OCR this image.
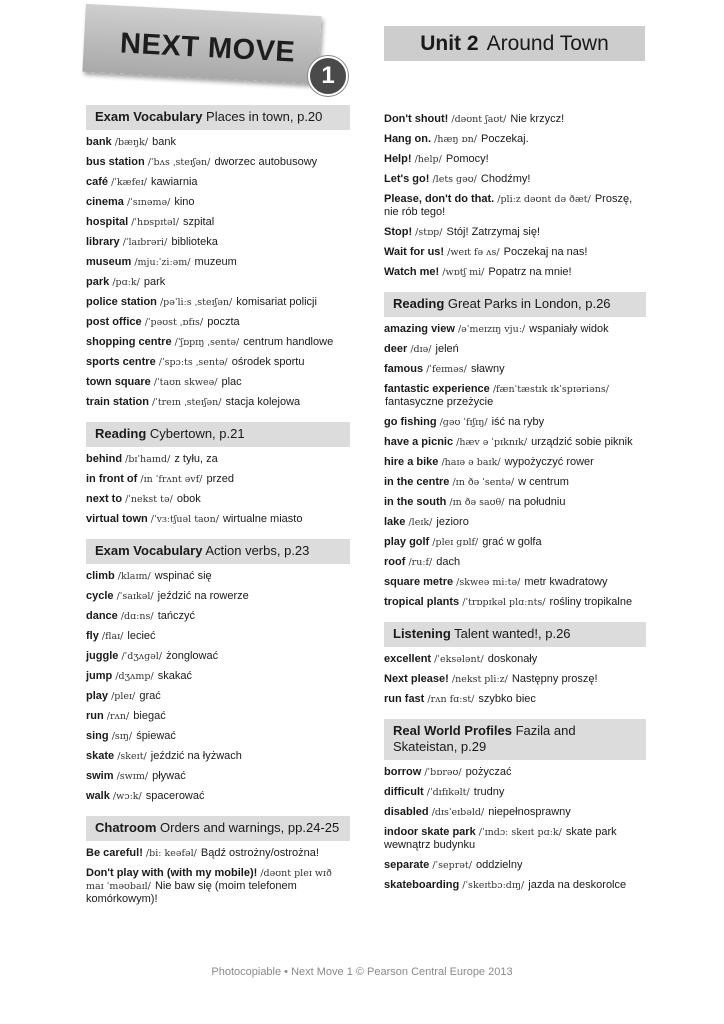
NEXT MOVE
1
Unit 2 Around Town
Exam Vocabulary Places in town, p.20
bank /bæŋk/ bank
bus station /ˈbʌs ˌsteɪʃən/ dworzec autobusowy
café /ˈkæfeɪ/ kawiarnia
cinema /ˈsɪnəmə/ kino
hospital /ˈhɒspɪtəl/ szpital
library /ˈlaɪbrəri/ biblioteka
museum /mjuːˈziːəm/ muzeum
park /pɑːk/ park
police station /pəˈliːs ˌsteɪʃən/ komisariat policji
post office /ˈpəʊst ˌɒfɪs/ poczta
shopping centre /ˈʃɒpɪŋ ˌsentə/ centrum handlowe
sports centre /ˈspɔːts ˌsentə/ ośrodek sportu
town square /ˈtaʊn skweə/ plac
train station /ˈtreɪn ˌsteɪʃən/ stacja kolejowa
Reading Cybertown, p.21
behind /bɪˈhaɪnd/ z tyłu, za
in front of /ɪn ˈfrʌnt əvf/ przed
next to /ˈnekst tə/ obok
virtual town /ˈvɜːtʃuəl taʊn/ wirtualne miasto
Exam Vocabulary Action verbs, p.23
climb /klaɪm/ wspinać się
cycle /ˈsaɪkəl/ jeździć na rowerze
dance /dɑːns/ tańczyć
fly /flaɪ/ lecieć
juggle /ˈdʒʌɡəl/ żonglować
jump /dʒʌmp/ skakać
play /pleɪ/ grać
run /rʌn/ biegać
sing /sɪŋ/ śpiewać
skate /skeɪt/ jeździć na łyżwach
swim /swɪm/ pływać
walk /wɔːk/ spacerować
Chatroom Orders and warnings, pp.24-25
Be careful! /biː keəfəl/ Bądź ostrożny/ostrożna!
Don't play with (with my mobile)! /dəʊnt pleɪ wɪð maɪ ˈməʊbaɪl/ Nie baw się (moim telefonem komórkowym)!
Don't shout! /dəʊnt ʃaʊt/ Nie krzycz!
Hang on. /hæŋ ɒn/ Poczekaj.
Help! /help/ Pomocy!
Let's go! /lets ɡəʊ/ Chodźmy!
Please, don't do that. /pliːz dəʊnt də ðæt/ Proszę, nie rób tego!
Stop! /stɒp/ Stój! Zatrzymaj się!
Wait for us! /weɪt fə ʌs/ Poczekaj na nas!
Watch me! /wɒtʃ mi/ Popatrz na mnie!
Reading Great Parks in London, p.26
amazing view /əˈmeɪzɪŋ vjuː/ wspaniały widok
deer /dɪə/ jeleń
famous /ˈfeɪməs/ sławny
fantastic experience /fænˈtæstɪk ɪkˈspɪəriəns/ fantasyczne przeżycie
go fishing /ɡəʊ ˈfɪʃɪŋ/ iść na ryby
have a picnic /hæv ə ˈpɪknɪk/ urządzić sobie piknik
hire a bike /haɪə ə baɪk/ wypożyczyć rower
in the centre /ɪn ðə ˈsentə/ w centrum
in the south /ɪn ðə saʊθ/ na południu
lake /leɪk/ jezioro
play golf /pleɪ ɡɒlf/ grać w golfa
roof /ruːf/ dach
square metre /skweə miːtə/ metr kwadratowy
tropical plants /ˈtrɒpɪkəl plɑːnts/ rośliny tropikalne
Listening Talent wanted!, p.26
excellent /ˈeksələnt/ doskonały
Next please! /nekst pliːz/ Następny proszę!
run fast /rʌn fɑːst/ szybko biec
Real World Profiles Fazila and Skateistan, p.29
borrow /ˈbɒrəʊ/ pożyczać
difficult /ˈdɪfɪkəlt/ trudny
disabled /dɪsˈeɪbəld/ niepełnosprawny
indoor skate park /ˈɪndɔː skeɪt pɑːk/ skate park wewnątrz budynku
separate /ˈseprət/ oddzielny
skateboarding /ˈskeɪtbɔːdɪŋ/ jazda na deskorolce
Photocopiable • Next Move 1 © Pearson Central Europe 2013
